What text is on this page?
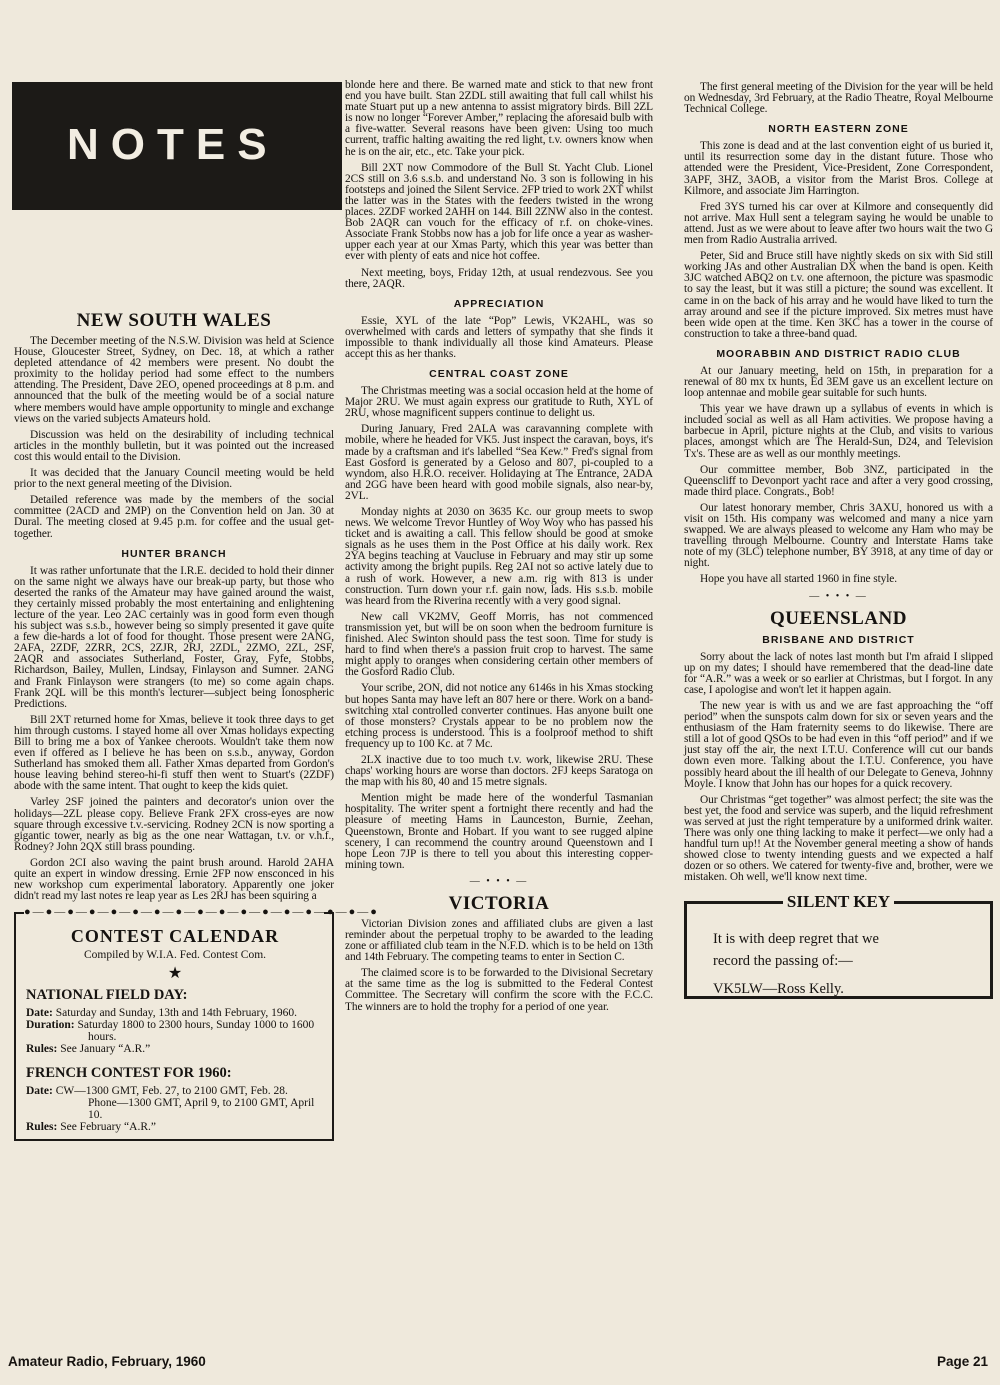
NOTES
NEW SOUTH WALES

The December meeting of the N.S.W. Division was held at Science House, Gloucester Street, Sydney, on Dec. 18, at which a rather depleted attendance of 42 members were present. No doubt the proximity to the holiday period had some effect to the numbers attending. The President, Dave 2EO, opened proceedings at 8 p.m. and announced that the bulk of the meeting would be of a social nature where members would have ample opportunity to mingle and exchange views on the varied subjects Amateurs hold.

Discussion was held on the desirability of including technical articles in the monthly bulletin, but it was pointed out the increased cost this would entail to the Division.

It was decided that the January Council meeting would be held prior to the next general meeting of the Division.

Detailed reference was made by the members of the social committee (2ACD and 2MP) on the Convention held on Jan. 30 at Dural. The meeting closed at 9.45 p.m. for coffee and the usual get-together.

HUNTER BRANCH

It was rather unfortunate that the I.R.E. decided to hold their dinner on the same night we always have our break-up party, but those who deserted the ranks of the Amateur may have gained around the waist, they certainly missed probably the most entertaining and enlightening lecture of the year. Leo 2AC certainly was in good form even though his subject was s.s.b., however being so simply presented it gave quite a few die-hards a lot of food for thought. Those present were 2ANG, 2AFA, 2ZDF, 2ZRR, 2CS, 2ZJR, 2RJ, 2ZDL, 2ZMO, 2ZL, 2SF, 2AQR and associates Sutherland, Foster, Gray, Fyfe, Stobbs, Richardson, Bailey, Mullen, Lindsay, Finlayson and Sumner. 2ANG and Frank Finlayson were strangers (to me) so come again chaps. Frank 2QL will be this month's lecturer—subject being Ionospheric Predictions.

Bill 2XT returned home for Xmas, believe it took three days to get him through customs. I stayed home all over Xmas holidays expecting Bill to bring me a box of Yankee cheroots. Wouldn't take them now even if offered as I believe he has been on s.s.b., anyway, Gordon Sutherland has smoked them all. Father Xmas departed from Gordon's house leaving behind stereo-hi-fi stuff then went to Stuart's (2ZDF) abode with the same intent. That ought to keep the kids quiet.

Varley 2SF joined the painters and decorator's union over the holidays—2ZL please copy. Believe Frank 2FX cross-eyes are now square through excessive t.v.-servicing. Rodney 2CN is now sporting a gigantic tower, nearly as big as the one near Wattagan, t.v. or v.h.f., Rodney? John 2QX still brass pounding.

Gordon 2CI also waving the paint brush around. Harold 2AHA quite an expert in window dressing. Ernie 2FP now ensconced in his new workshop cum experimental laboratory. Apparently one joker didn't read my last notes re leap year as Les 2RJ has been squiring a

●—●—●—●—●—●—●—●—●—●—●—●—●—●—●—●—●
CONTEST CALENDAR
Compiled by W.I.A. Fed. Contest Com.
★
NATIONAL FIELD DAY:
Date: Saturday and Sunday, 13th and 14th February, 1960.
Duration: Saturday 1800 to 2300 hours, Sunday 1000 to 1600 hours.
Rules: See January “A.R.”
FRENCH CONTEST FOR 1960:
Date: CW—1300 GMT, Feb. 27, to 2100 GMT, Feb. 28.
Phone—1300 GMT, April 9, to 2100 GMT, April 10.
Rules: See February “A.R.”

blonde here and there. Be warned mate and stick to that new front end you have built. Stan 2ZDL still awaiting that full call whilst his mate Stuart put up a new antenna to assist migratory birds. Bill 2ZL is now no longer “Forever Amber,” replacing the aforesaid bulb with a five-watter. Several reasons have been given: Using too much current, traffic halting awaiting the red light, t.v. owners know when he is on the air, etc., etc. Take your pick.

Bill 2XT now Commodore of the Bull St. Yacht Club. Lionel 2CS still on 3.6 s.s.b. and understand No. 3 son is following in his footsteps and joined the Silent Service. 2FP tried to work 2XT whilst the latter was in the States with the feeders twisted in the wrong places. 2ZDF worked 2AHH on 144. Bill 2ZNW also in the contest. Bob 2AQR can vouch for the efficacy of r.f. on choke-vines. Associate Frank Stobbs now has a job for life once a year as washer-upper each year at our Xmas Party, which this year was better than ever with plenty of eats and nice hot coffee.

Next meeting, boys, Friday 12th, at usual rendezvous. See you there, 2AQR.

APPRECIATION

Essie, XYL of the late “Pop” Lewis, VK2AHL, was so overwhelmed with cards and letters of sympathy that she finds it impossible to thank individually all those kind Amateurs. Please accept this as her thanks.

CENTRAL COAST ZONE

The Christmas meeting was a social occasion held at the home of Major 2RU. We must again express our gratitude to Ruth, XYL of 2RU, whose magnificent suppers continue to delight us.

During January, Fred 2ALA was caravanning complete with mobile, where he headed for VK5. Just inspect the caravan, boys, it's made by a craftsman and it's labelled “Sea Kew.” Fred's signal from East Gosford is generated by a Geloso and 807, pi-coupled to a wyndom, also H.R.O. receiver. Holidaying at The Entrance, 2ADA and 2GG have been heard with good mobile signals, also near-by, 2VL.

Monday nights at 2030 on 3635 Kc. our group meets to swop news. We welcome Trevor Huntley of Woy Woy who has passed his ticket and is awaiting a call. This fellow should be good at smoke signals as he uses them in the Post Office at his daily work. Rex 2YA begins teaching at Vaucluse in February and may stir up some activity among the bright pupils. Reg 2AI not so active lately due to a rush of work. However, a new a.m. rig with 813 is under construction. Turn down your r.f. gain now, lads. His s.s.b. mobile was heard from the Riverina recently with a very good signal.

New call VK2MV, Geoff Morris, has not commenced transmission yet, but will be on soon when the bedroom furniture is finished. Alec Swinton should pass the test soon. Time for study is hard to find when there's a passion fruit crop to harvest. The same might apply to oranges when considering certain other members of the Gosford Radio Club.

Your scribe, 2ON, did not notice any 6146s in his Xmas stocking but hopes Santa may have left an 807 here or there. Work on a band-switching xtal controlled converter continues. Has anyone built one of those monsters? Crystals appear to be no problem now the etching process is understood. This is a foolproof method to shift frequency up to 100 Kc. at 7 Mc.

2LX inactive due to too much t.v. work, likewise 2RU. These chaps' working hours are worse than doctors. 2FJ keeps Saratoga on the map with his 80, 40 and 15 metre signals.

Mention might be made here of the wonderful Tasmanian hospitality. The writer spent a fortnight there recently and had the pleasure of meeting Hams in Launceston, Burnie, Zeehan, Queenstown, Bronte and Hobart. If you want to see rugged alpine scenery, I can recommend the country around Queenstown and I hope Leon 7JP is there to tell you about this interesting copper-mining town.

— • • • —
VICTORIA

Victorian Division zones and affiliated clubs are given a last reminder about the perpetual trophy to be awarded to the leading zone or affiliated club team in the N.F.D. which is to be held on 13th and 14th February. The competing teams to enter in Section C.

The claimed score is to be forwarded to the Divisional Secretary at the same time as the log is submitted to the Federal Contest Committee. The Secretary will confirm the score with the F.C.C. The winners are to hold the trophy for a period of one year.

The first general meeting of the Division for the year will be held on Wednesday, 3rd February, at the Radio Theatre, Royal Melbourne Technical College.

NORTH EASTERN ZONE

This zone is dead and at the last convention eight of us buried it, until its resurrection some day in the distant future. Those who attended were the President, Vice-President, Zone Correspondent, 3APF, 3HZ, 3AOB, a visitor from the Marist Bros. College at Kilmore, and associate Jim Harrington.

Fred 3YS turned his car over at Kilmore and consequently did not arrive. Max Hull sent a telegram saying he would be unable to attend. Just as we were about to leave after two hours wait the two G men from Radio Australia arrived.

Peter, Sid and Bruce still have nightly skeds on six with Sid still working JAs and other Australian DX when the band is open. Keith 3JC watched ABQ2 on t.v. one afternoon, the picture was spasmodic to say the least, but it was still a picture; the sound was excellent. It came in on the back of his array and he would have liked to turn the array around and see if the picture improved. Six metres must have been wide open at the time. Ken 3KC has a tower in the course of construction to take a three-band quad.

MOORABBIN AND DISTRICT RADIO CLUB

At our January meeting, held on 15th, in preparation for a renewal of 80 mx tx hunts, Ed 3EM gave us an excellent lecture on loop antennae and mobile gear suitable for such hunts.

This year we have drawn up a syllabus of events in which is included social as well as all Ham activities. We propose having a barbecue in April, picture nights at the Club, and visits to various places, amongst which are The Herald-Sun, D24, and Television Tx's. These are as well as our monthly meetings.

Our committee member, Bob 3NZ, participated in the Queenscliff to Devonport yacht race and after a very good crossing, made third place. Congrats., Bob!

Our latest honorary member, Chris 3AXU, honored us with a visit on 15th. His company was welcomed and many a nice yarn swapped. We are always pleased to welcome any Ham who may be travelling through Melbourne. Country and Interstate Hams take note of my (3LC) telephone number, BY 3918, at any time of day or night.

Hope you have all started 1960 in fine style.

— • • • —
QUEENSLAND
BRISBANE AND DISTRICT

Sorry about the lack of notes last month but I'm afraid I slipped up on my dates; I should have remembered that the dead-line date for “A.R.” was a week or so earlier at Christmas, but I forgot. In any case, I apologise and won't let it happen again.

The new year is with us and we are fast approaching the “off period” when the sunspots calm down for six or seven years and the enthusiasm of the Ham fraternity seems to do likewise. There are still a lot of good QSOs to be had even in this “off period” and if we just stay off the air, the next I.T.U. Conference will cut our bands down even more. Talking about the I.T.U. Conference, you have possibly heard about the ill health of our Delegate to Geneva, Johnny Moyle. I know that John has our hopes for a quick recovery.

Our Christmas “get together” was almost perfect; the site was the best yet, the food and service was superb, and the liquid refreshment was served at just the right temperature by a uniformed drink waiter. There was only one thing lacking to make it perfect—we only had a handful turn up!! At the November general meeting a show of hands showed close to twenty intending guests and we expected a half dozen or so others. We catered for twenty-five and, brother, were we mistaken. Oh well, we'll know next time.

SILENT KEY
It is with deep regret that we
record the passing of:—
VK5LW—Ross Kelly.
Amateur Radio, February, 1960	Page 21
